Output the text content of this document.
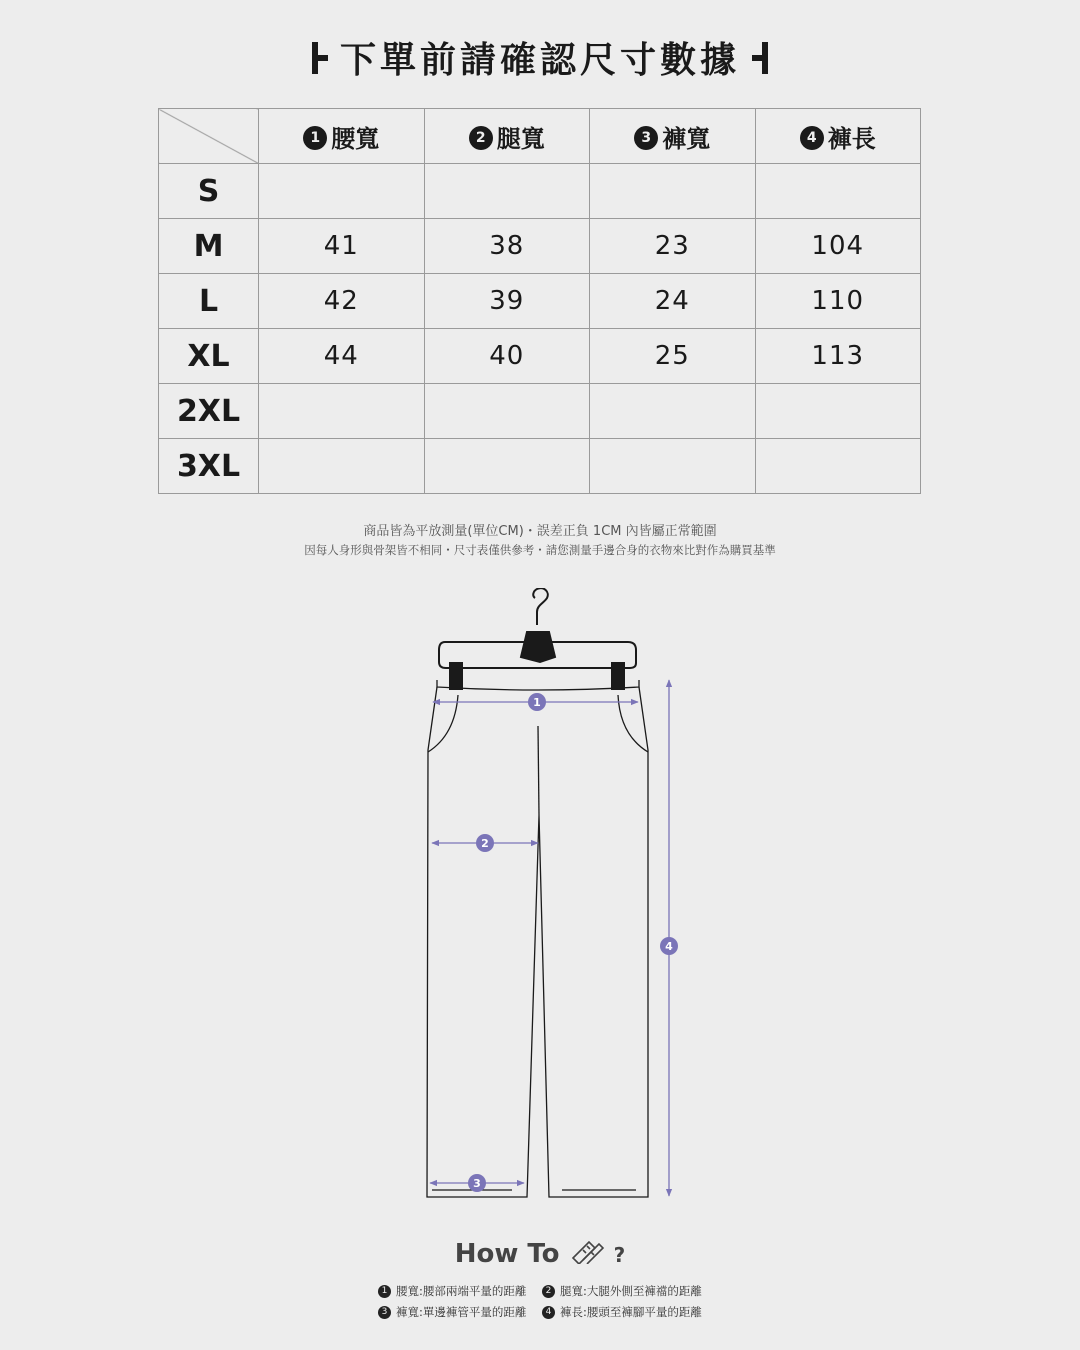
下單前請確認尺寸數據
	1 腰寬	2 腿寬	3 褲寬	4 褲長
S				
M	41	38	23	104
L	42	39	24	110
XL	44	40	25	113
2XL				
3XL				
商品皆為平放測量(單位CM)・誤差正負 1CM 內皆屬正常範圍
因每人身形與骨架皆不相同・尺寸表僅供參考・請您測量手邊合身的衣物來比對作為購買基準
1
2
3
4
How To	?
1 腰寬:腰部兩端平量的距離 2 腿寬:大腿外側至褲襠的距離
3 褲寬:單邊褲管平量的距離 4 褲長:腰頭至褲腳平量的距離
